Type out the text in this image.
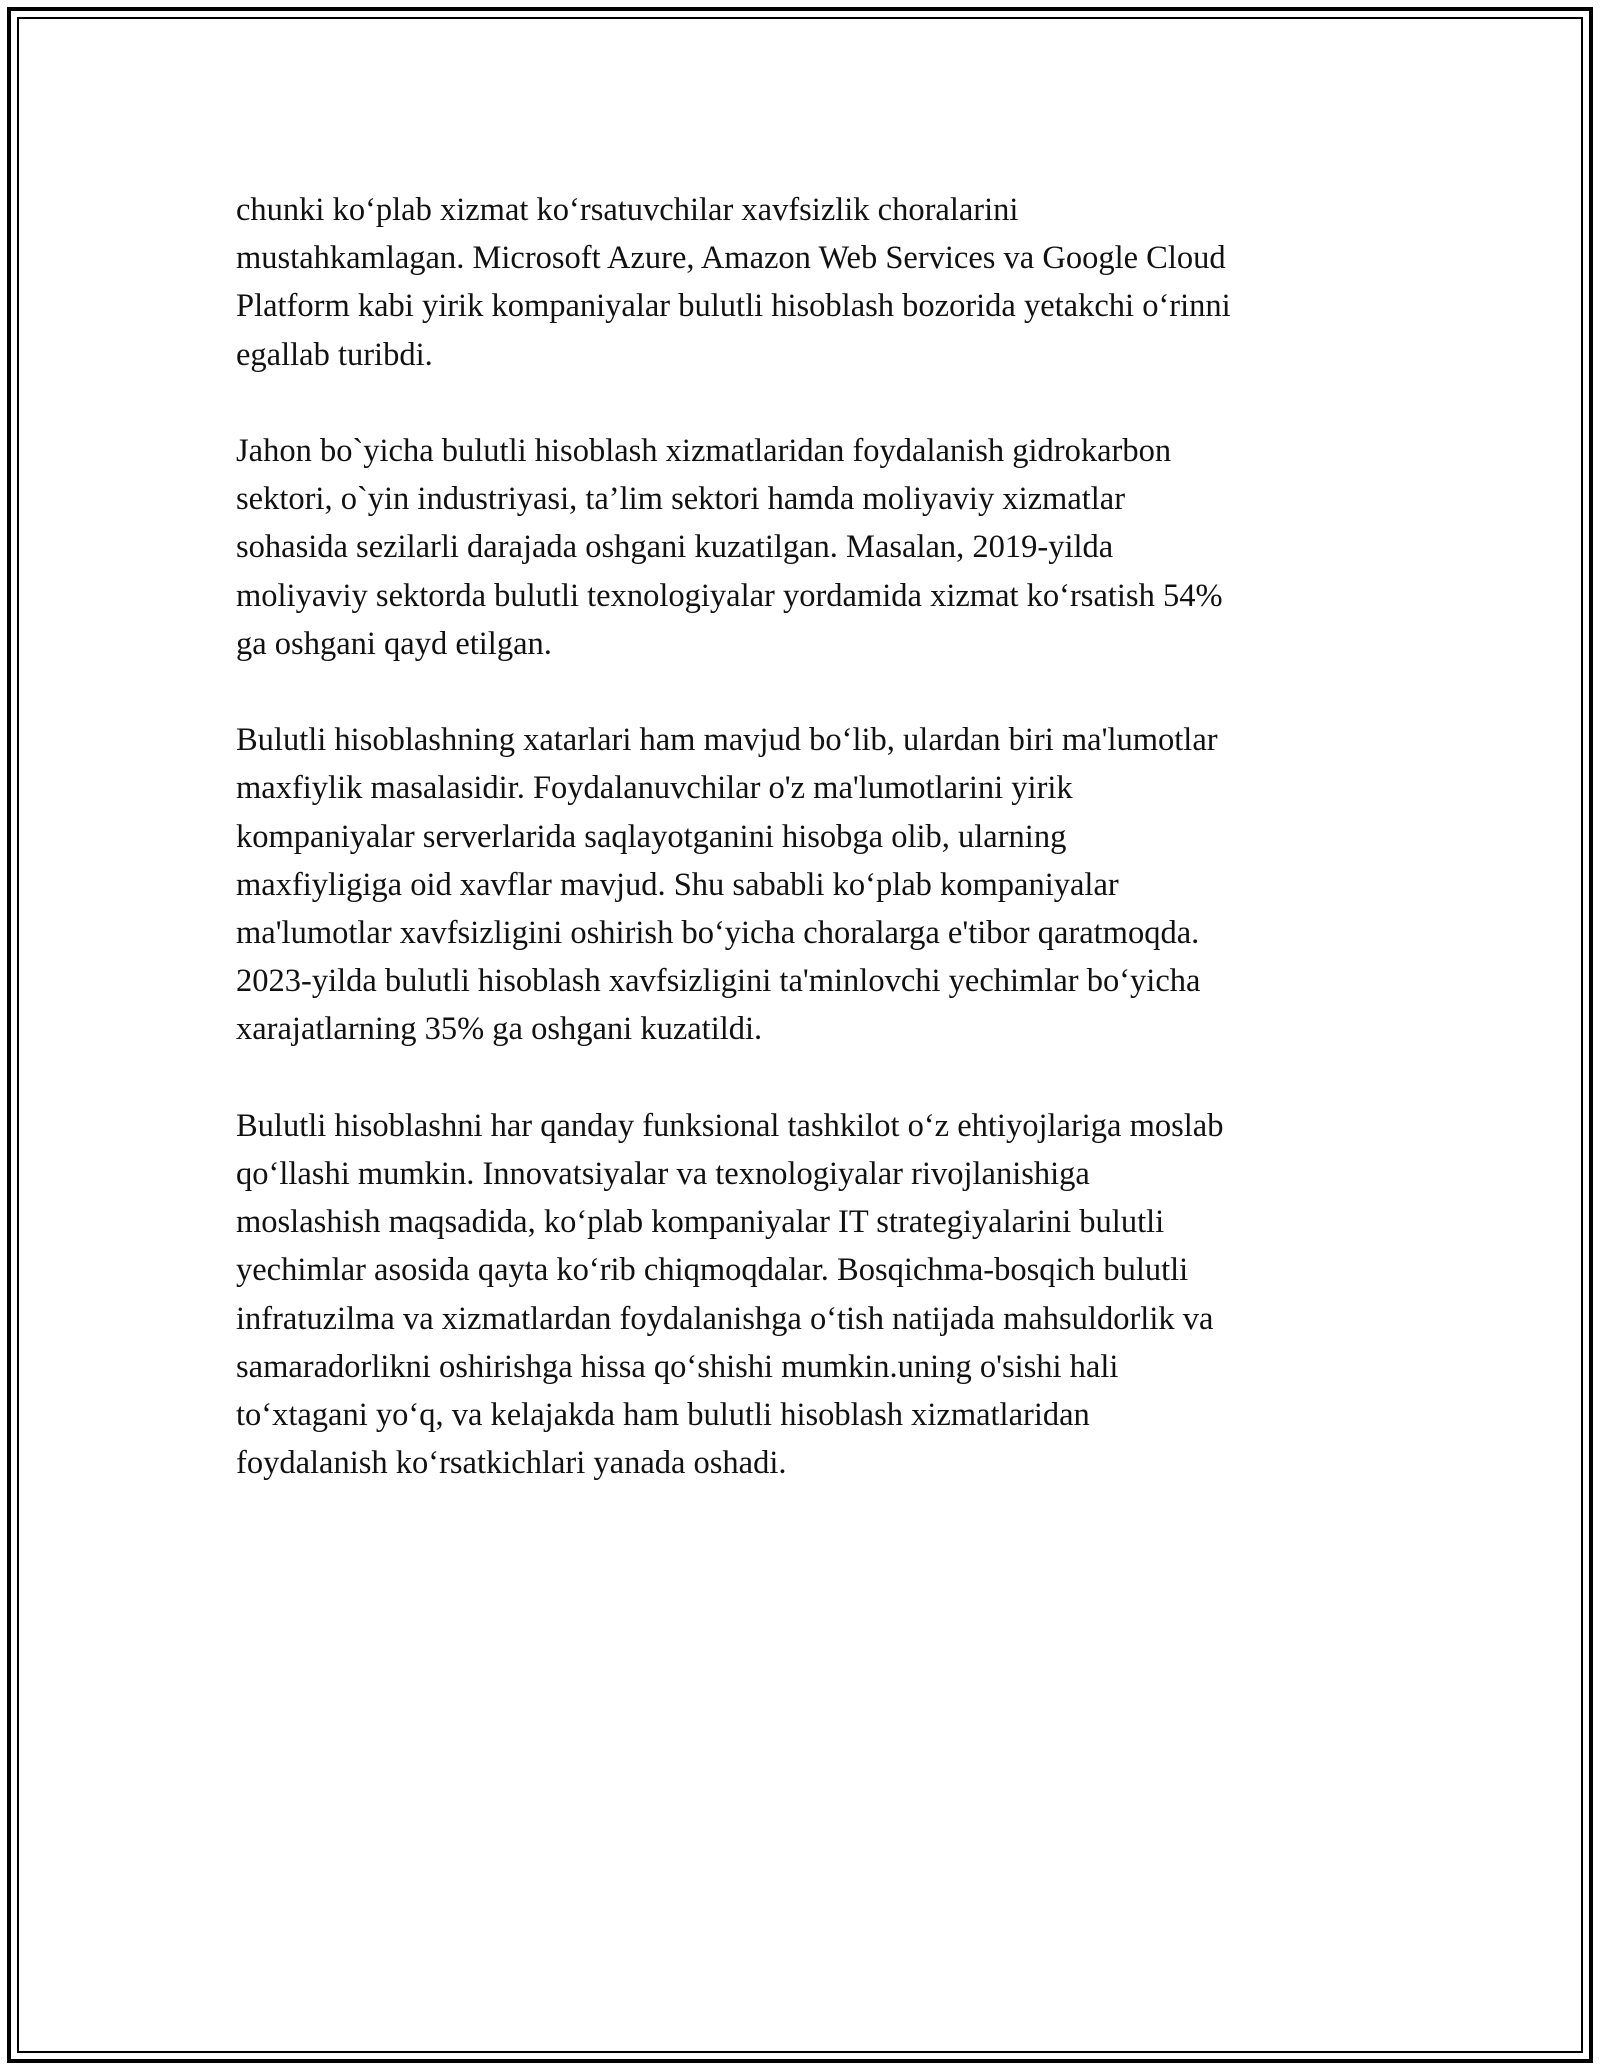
chunki ko‘plab xizmat ko‘rsatuvchilar xavfsizlik choralarini
mustahkamlagan. Microsoft Azure, Amazon Web Services va Google Cloud
Platform kabi yirik kompaniyalar bulutli hisoblash bozorida yetakchi o‘rinni
egallab turibdi.

Jahon bo`yicha bulutli hisoblash xizmatlaridan foydalanish gidrokarbon
sektori, o`yin industriyasi, ta’lim sektori hamda moliyaviy xizmatlar
sohasida sezilarli darajada oshgani kuzatilgan. Masalan, 2019-yilda
moliyaviy sektorda bulutli texnologiyalar yordamida xizmat ko‘rsatish 54%
ga oshgani qayd etilgan.

Bulutli hisoblashning xatarlari ham mavjud bo‘lib, ulardan biri ma'lumotlar
maxfiylik masalasidir. Foydalanuvchilar o'z ma'lumotlarini yirik
kompaniyalar serverlarida saqlayotganini hisobga olib, ularning
maxfiyligiga oid xavflar mavjud. Shu sababli ko‘plab kompaniyalar
ma'lumotlar xavfsizligini oshirish bo‘yicha choralarga e'tibor qaratmoqda.
2023-yilda bulutli hisoblash xavfsizligini ta'minlovchi yechimlar bo‘yicha
xarajatlarning 35% ga oshgani kuzatildi.

Bulutli hisoblashni har qanday funksional tashkilot o‘z ehtiyojlariga moslab
qo‘llashi mumkin. Innovatsiyalar va texnologiyalar rivojlanishiga
moslashish maqsadida, ko‘plab kompaniyalar IT strategiyalarini bulutli
yechimlar asosida qayta ko‘rib chiqmoqdalar. Bosqichma-bosqich bulutli
infratuzilma va xizmatlardan foydalanishga o‘tish natijada mahsuldorlik va
samaradorlikni oshirishga hissa qo‘shishi mumkin.uning o'sishi hali
to‘xtagani yo‘q, va kelajakda ham bulutli hisoblash xizmatlaridan
foydalanish ko‘rsatkichlari yanada oshadi.
